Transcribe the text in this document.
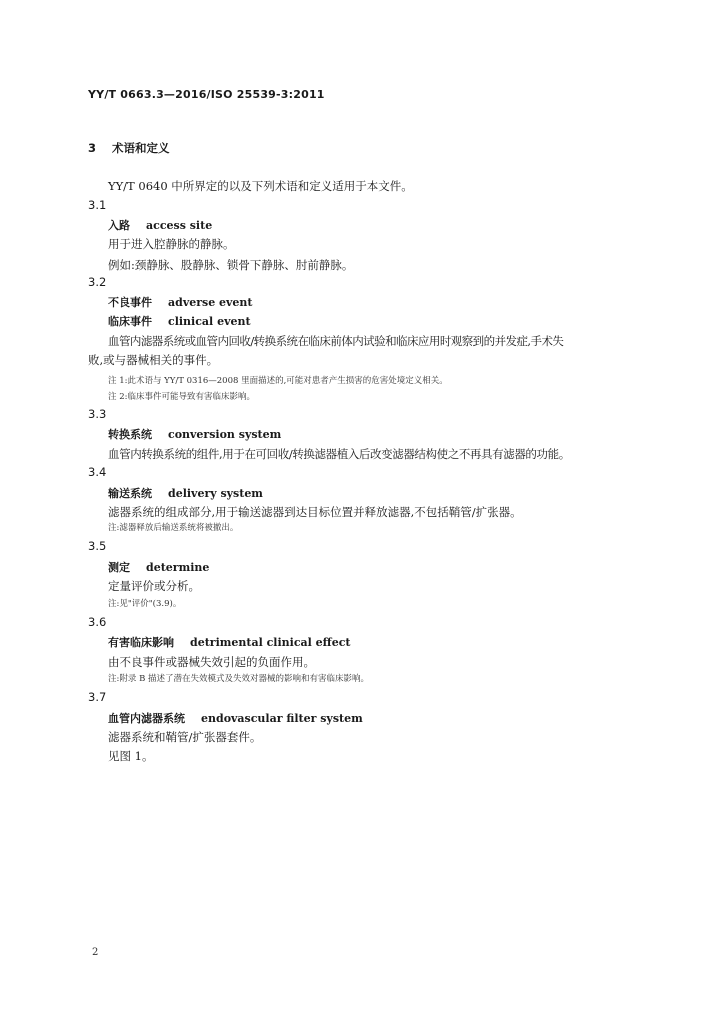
YY/T 0663.3—2016/ISO 25539-3:2011
3 术语和定义
YY/T 0640 中所界定的以及下列术语和定义适用于本文件。
3.1
入路 access site
用于进入腔静脉的静脉。
例如:颈静脉、股静脉、锁骨下静脉、肘前静脉。
3.2
不良事件 adverse event
临床事件 clinical event
血管内滤器系统或血管内回收/转换系统在临床前体内试验和临床应用时观察到的并发症,手术失
败,或与器械相关的事件。
注 1:此术语与 YY/T 0316—2008 里面描述的,可能对患者产生损害的危害处境定义相关。
注 2:临床事件可能导致有害临床影响。
3.3
转换系统 conversion system
血管内转换系统的组件,用于在可回收/转换滤器植入后改变滤器结构使之不再具有滤器的功能。
3.4
输送系统 delivery system
滤器系统的组成部分,用于输送滤器到达目标位置并释放滤器,不包括鞘管/扩张器。
注:滤器释放后输送系统将被撤出。
3.5
测定 determine
定量评价或分析。
注:见"评价"(3.9)。
3.6
有害临床影响 detrimental clinical effect
由不良事件或器械失效引起的负面作用。
注:附录 B 描述了潜在失效模式及失效对器械的影响和有害临床影响。
3.7
血管内滤器系统 endovascular filter system
滤器系统和鞘管/扩张器套件。
见图 1。
2
